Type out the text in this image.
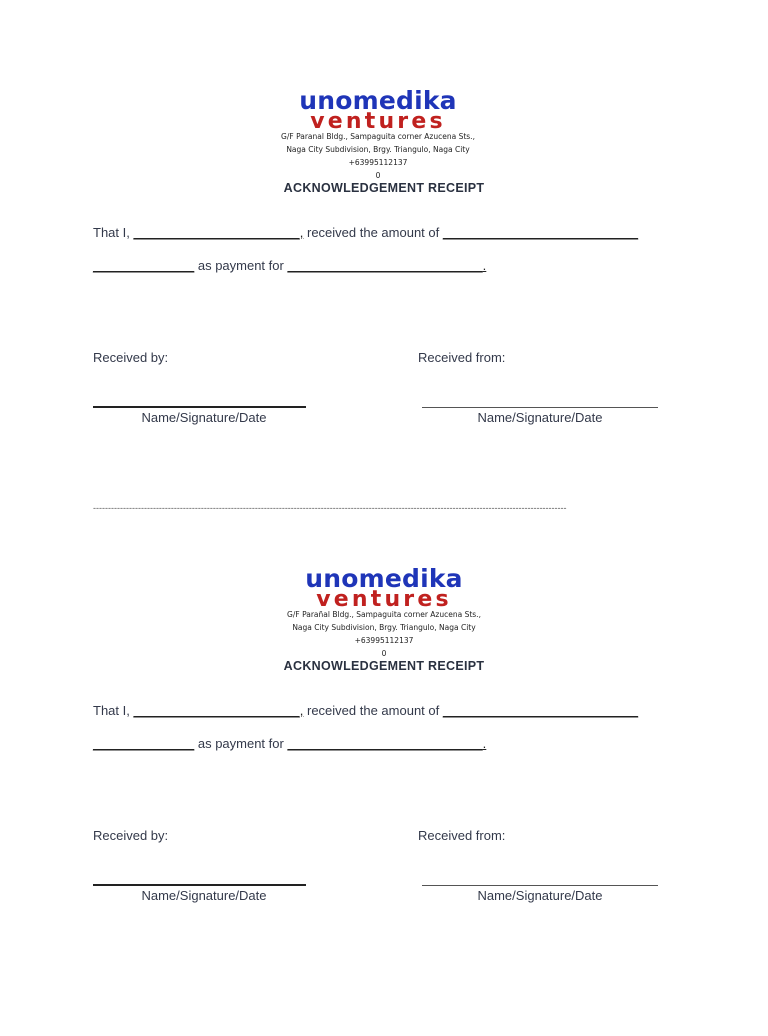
unomedika
ventures
G/F Paranal Bldg., Sampaguita corner Azucena Sts.,
Naga City Subdivision, Brgy. Triangulo, Naga City
+63995112137
0
ACKNOWLEDGEMENT RECEIPT
That I, _______________________, received the amount of ___________________________
______________ as payment for ___________________________.
Received by:	Received from:
Name/Signature/Date	Name/Signature/Date
--------------------------------------------------------------------------------------------------------------------------------------------------------------
unomedika
ventures
G/F Parañal Bldg., Sampaguita corner Azucena Sts.,
Naga City Subdivision, Brgy. Triangulo, Naga City
+63995112137
0
ACKNOWLEDGEMENT RECEIPT
That I, _______________________, received the amount of ___________________________
______________ as payment for ___________________________.
Received by:	Received from:
Name/Signature/Date	Name/Signature/Date
